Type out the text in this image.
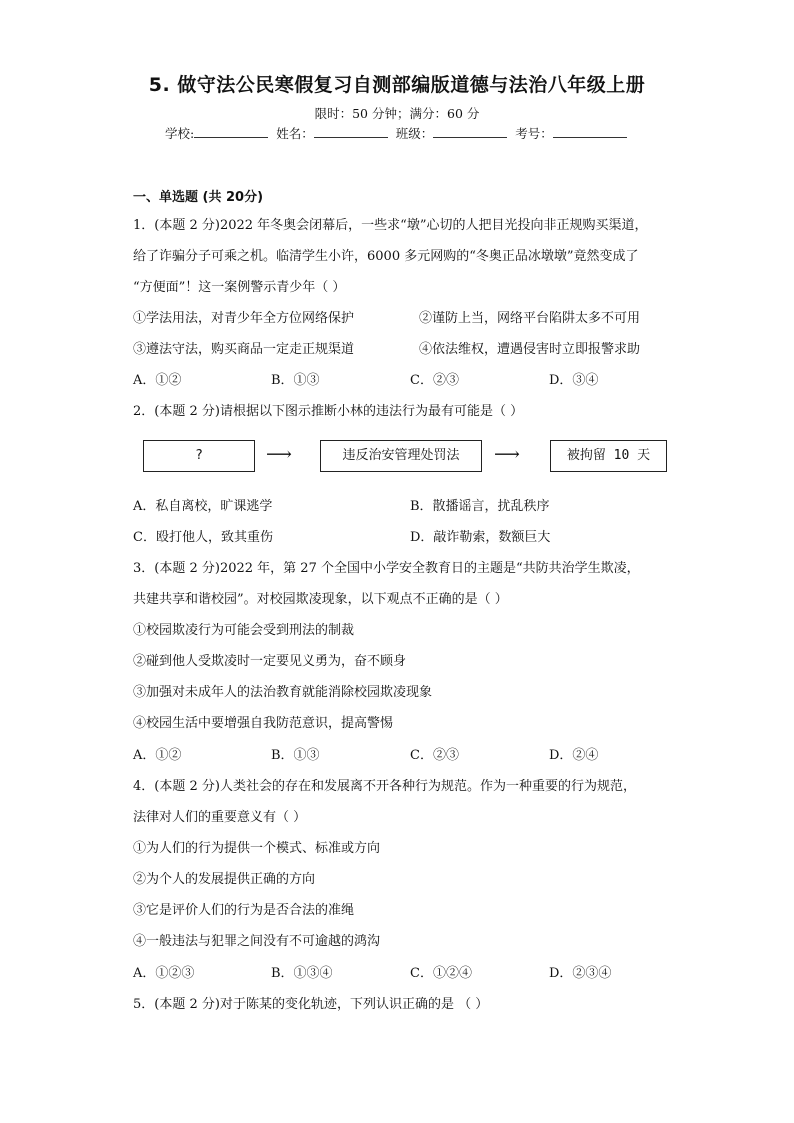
5. 做守法公民寒假复习自测部编版道德与法治八年级上册
限时：50 分钟；满分：60 分
学校:	姓名：	班级：	考号：
一、单选题 (共 20分)
1．(本题 2 分)2022 年冬奥会闭幕后，一些求“墩”心切的人把目光投向非正规购买渠道，
给了诈骗分子可乘之机。临清学生小许，6000 多元网购的“冬奥正品冰墩墩”竟然变成了
“方便面”！这一案例警示青少年（ ）
①学法用法，对青少年全方位网络保护	②谨防上当，网络平台陷阱太多不可用
③遵法守法，购买商品一定走正规渠道	④依法维权，遭遇侵害时立即报警求助
A．①②	B．①③	C．②③	D．③④
2．(本题 2 分)请根据以下图示推断小林的违法行为最有可能是（ ）
?	⟶	违反治安管理处罚法	⟶	被拘留 10 天
A．私自离校，旷课逃学	B．散播谣言，扰乱秩序
C．殴打他人，致其重伤	D．敲诈勒索，数额巨大
3．(本题 2 分)2022 年，第 27 个全国中小学安全教育日的主题是“共防共治学生欺凌，
共建共享和谐校园”。对校园欺凌现象，以下观点不正确的是（ ）
①校园欺凌行为可能会受到刑法的制裁
②碰到他人受欺凌时一定要见义勇为，奋不顾身
③加强对未成年人的法治教育就能消除校园欺凌现象
④校园生活中要增强自我防范意识，提高警惕
A．①②	B．①③	C．②③	D．②④
4．(本题 2 分)人类社会的存在和发展离不开各种行为规范。作为一种重要的行为规范，
法律对人们的重要意义有（ ）
①为人们的行为提供一个模式、标准或方向
②为个人的发展提供正确的方向
③它是评价人们的行为是否合法的准绳
④一般违法与犯罪之间没有不可逾越的鸿沟
A．①②③	B．①③④	C．①②④	D．②③④
5．(本题 2 分)对于陈某的变化轨迹，下列认识正确的是 （ ）
